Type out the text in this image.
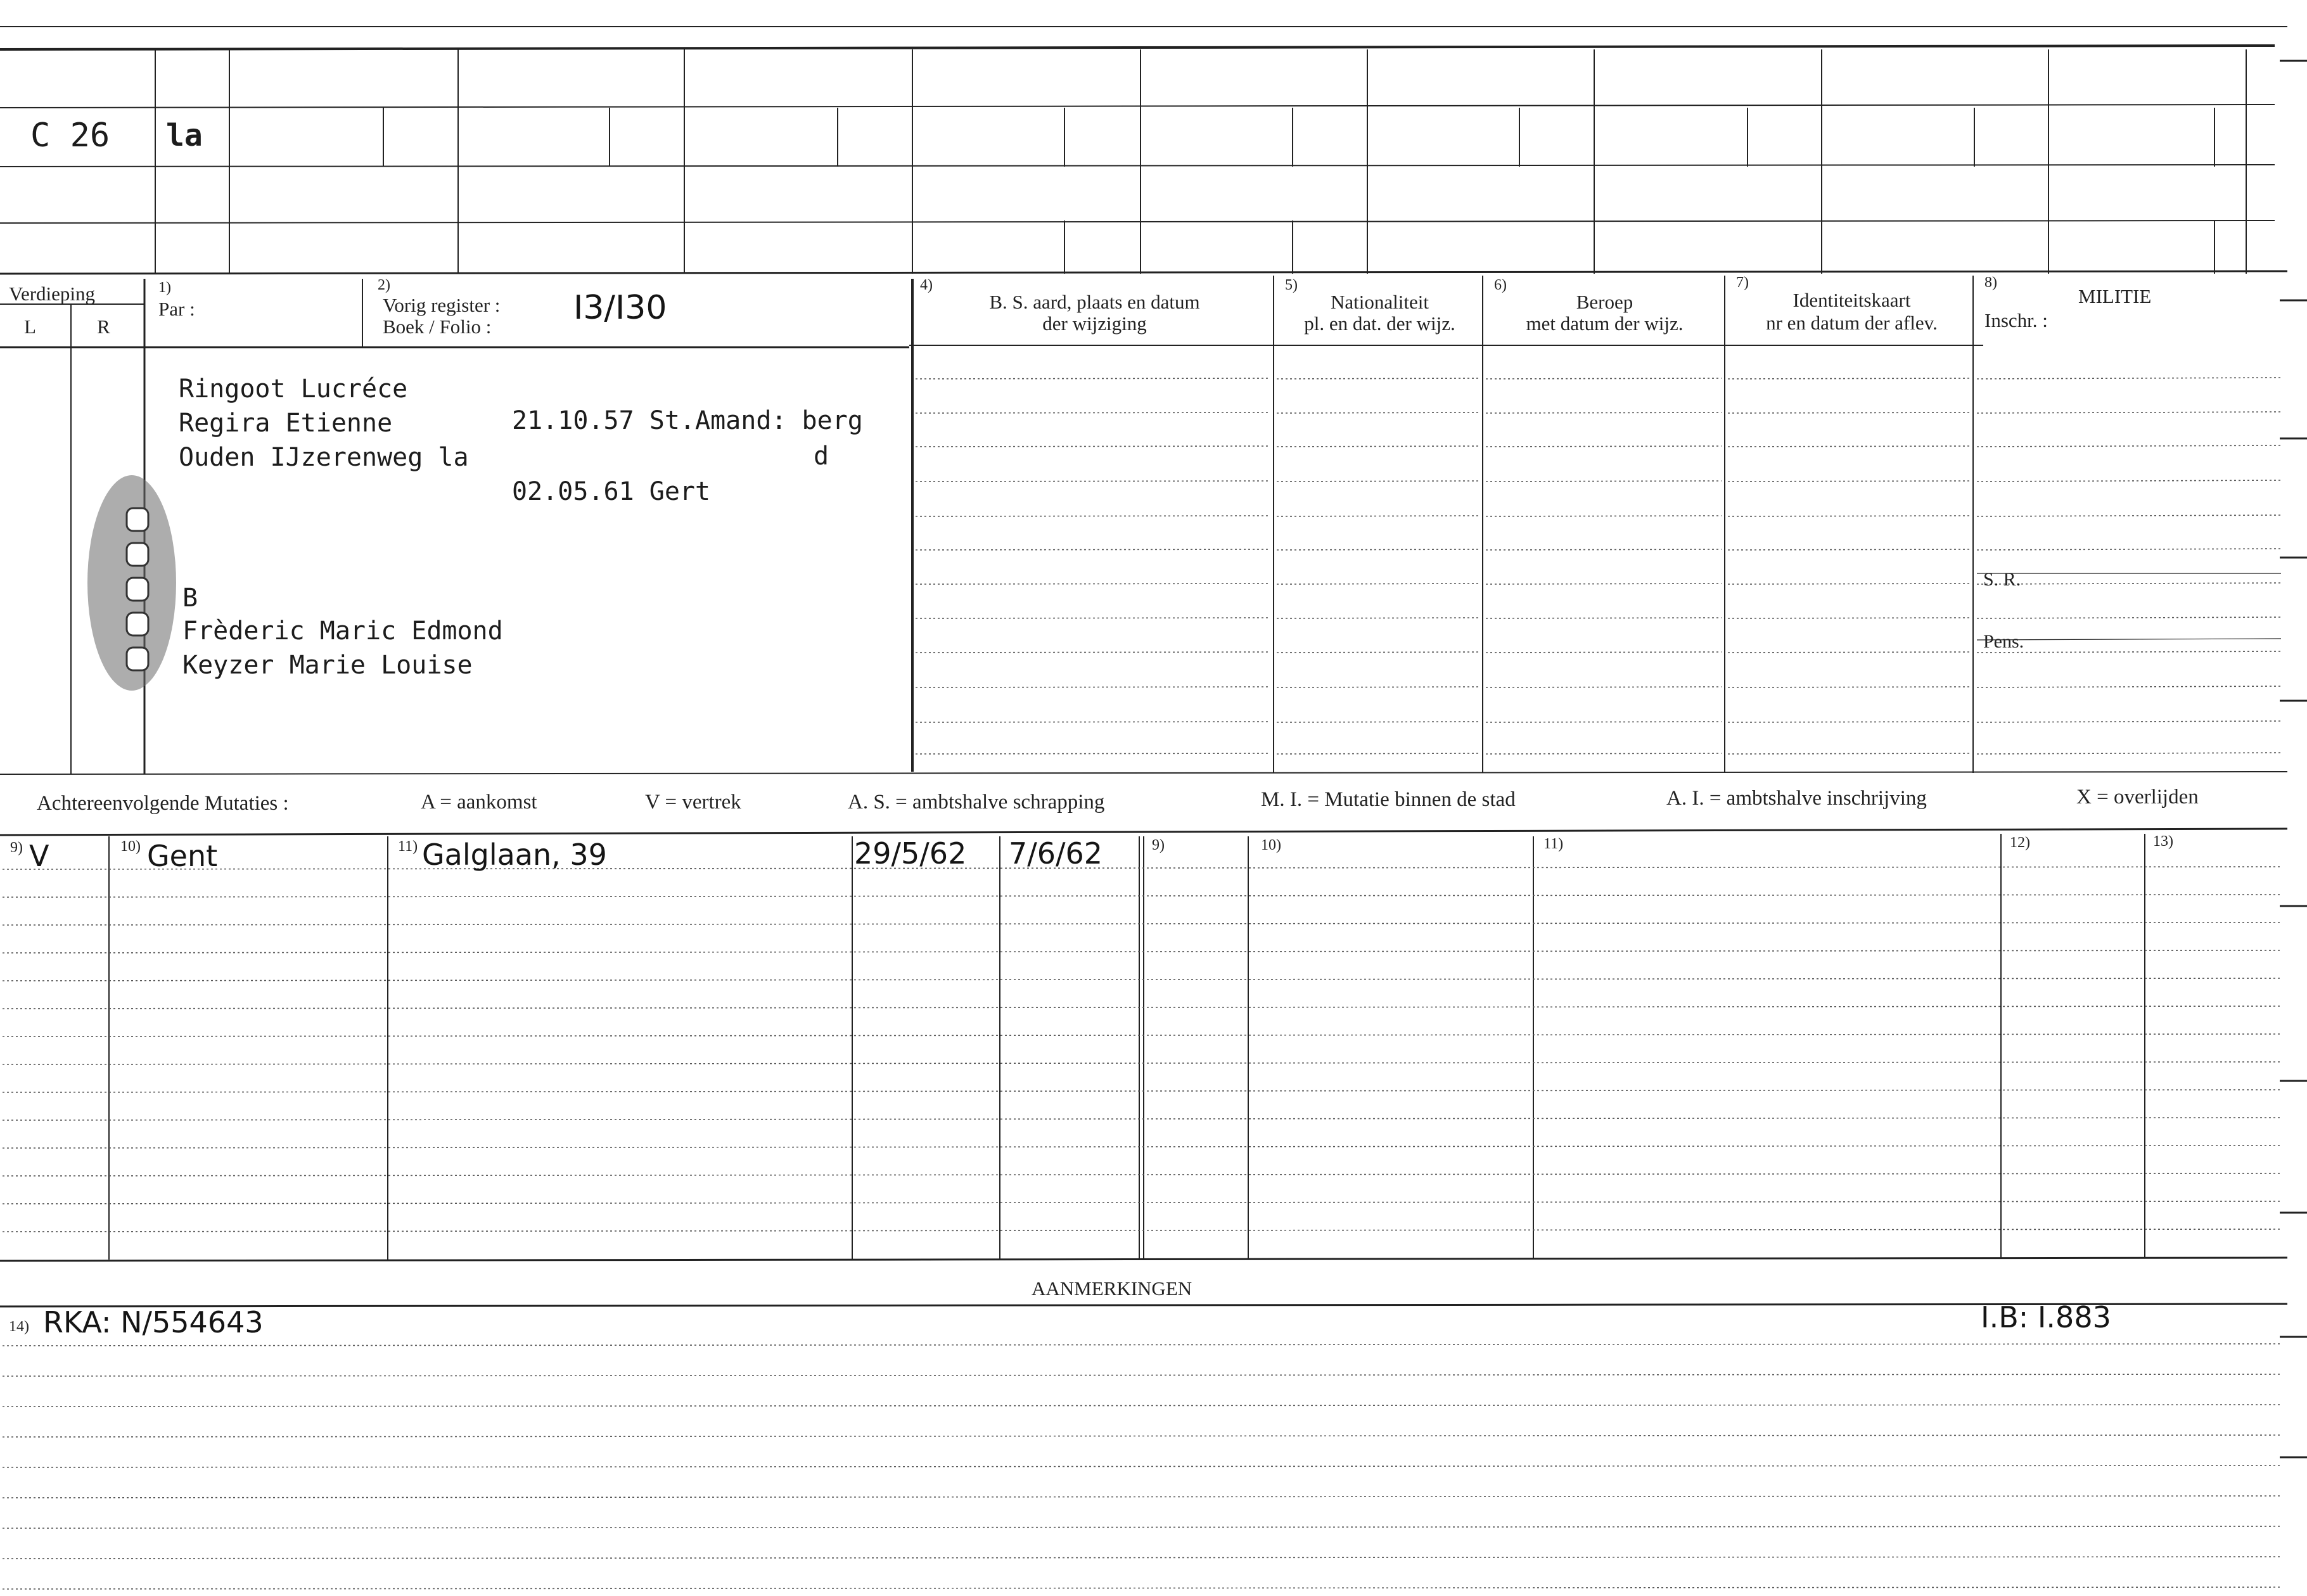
C 26 la
Verdieping
L	R
1)
Par :
2)
Vorig register :
Boek / Folio : I3/I30
4)
B. S. aard, plaats en datum
der wijziging
5)
Nationaliteit
pl. en dat. der wijz.
6)
Beroep
met datum der wijz.
7)
Identiteitskaart
nr en datum der aflev.
8)
MILITIE
Inschr. :
S. R.
Pens.
Ringoot Lucréce
Regira Etienne
Ouden IJzerenweg la
21.10.57 St.Amand: berg
d
02.05.61 Gert
B
Frèderic Maric Edmond
Keyzer Marie Louise
Achtereenvolgende Mutaties :	A = aankomst	V = vertrek	A. S. = ambtshalve schrapping	M. I. = Mutatie binnen de stad	A. I. = ambtshalve inschrijving	X = overlijden
9)	10)	11)	9)	10)	11)	12)	13)
V	Gent	Galglaan, 39	29/5/62 7/6/62
AANMERKINGEN
14) RKA: N/554643	I.B: I.883
